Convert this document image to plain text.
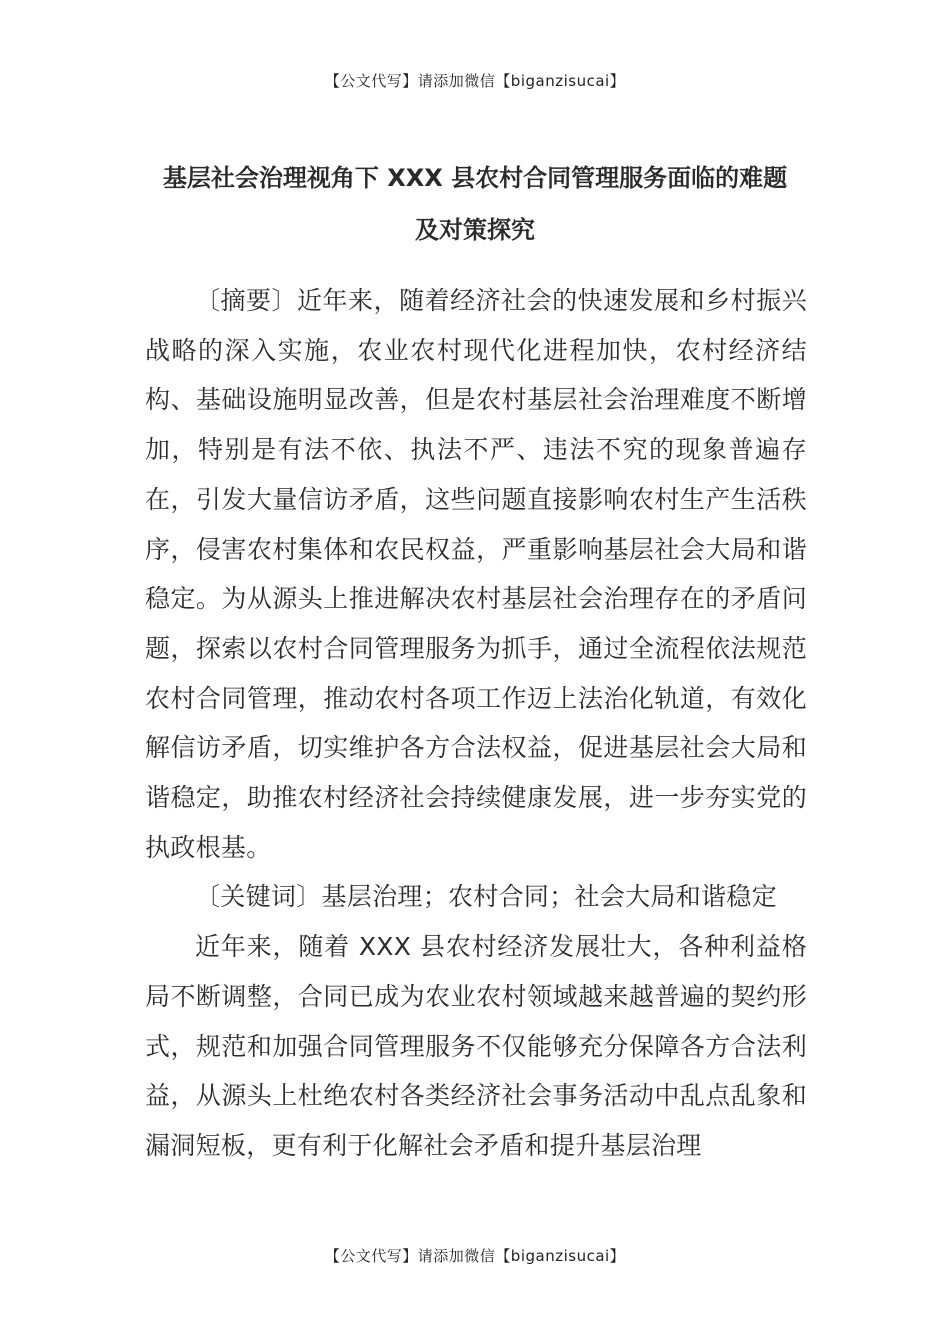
【公文代写】请添加微信【biganzisucai】
基层社会治理视角下 XXX 县农村合同管理服务面临的难题
及对策探究

〔摘要〕近年来，随着经济社会的快速发展和乡村振兴战略的深入实施，农业农村现代化进程加快，农村经济结构、基础设施明显改善，但是农村基层社会治理难度不断增加，特别是有法不依、执法不严、违法不究的现象普遍存在，引发大量信访矛盾，这些问题直接影响农村生产生活秩序，侵害农村集体和农民权益，严重影响基层社会大局和谐稳定。为从源头上推进解决农村基层社会治理存在的矛盾问题，探索以农村合同管理服务为抓手，通过全流程依法规范农村合同管理，推动农村各项工作迈上法治化轨道，有效化解信访矛盾，切实维护各方合法权益，促进基层社会大局和谐稳定，助推农村经济社会持续健康发展，进一步夯实党的执政根基。

〔关键词〕基层治理；农村合同；社会大局和谐稳定

近年来，随着 XXX 县农村经济发展壮大，各种利益格局不断调整，合同已成为农业农村领域越来越普遍的契约形式，规范和加强合同管理服务不仅能够充分保障各方合法利益，从源头上杜绝农村各类经济社会事务活动中乱点乱象和漏洞短板，更有利于化解社会矛盾和提升基层治理

【公文代写】请添加微信【biganzisucai】
